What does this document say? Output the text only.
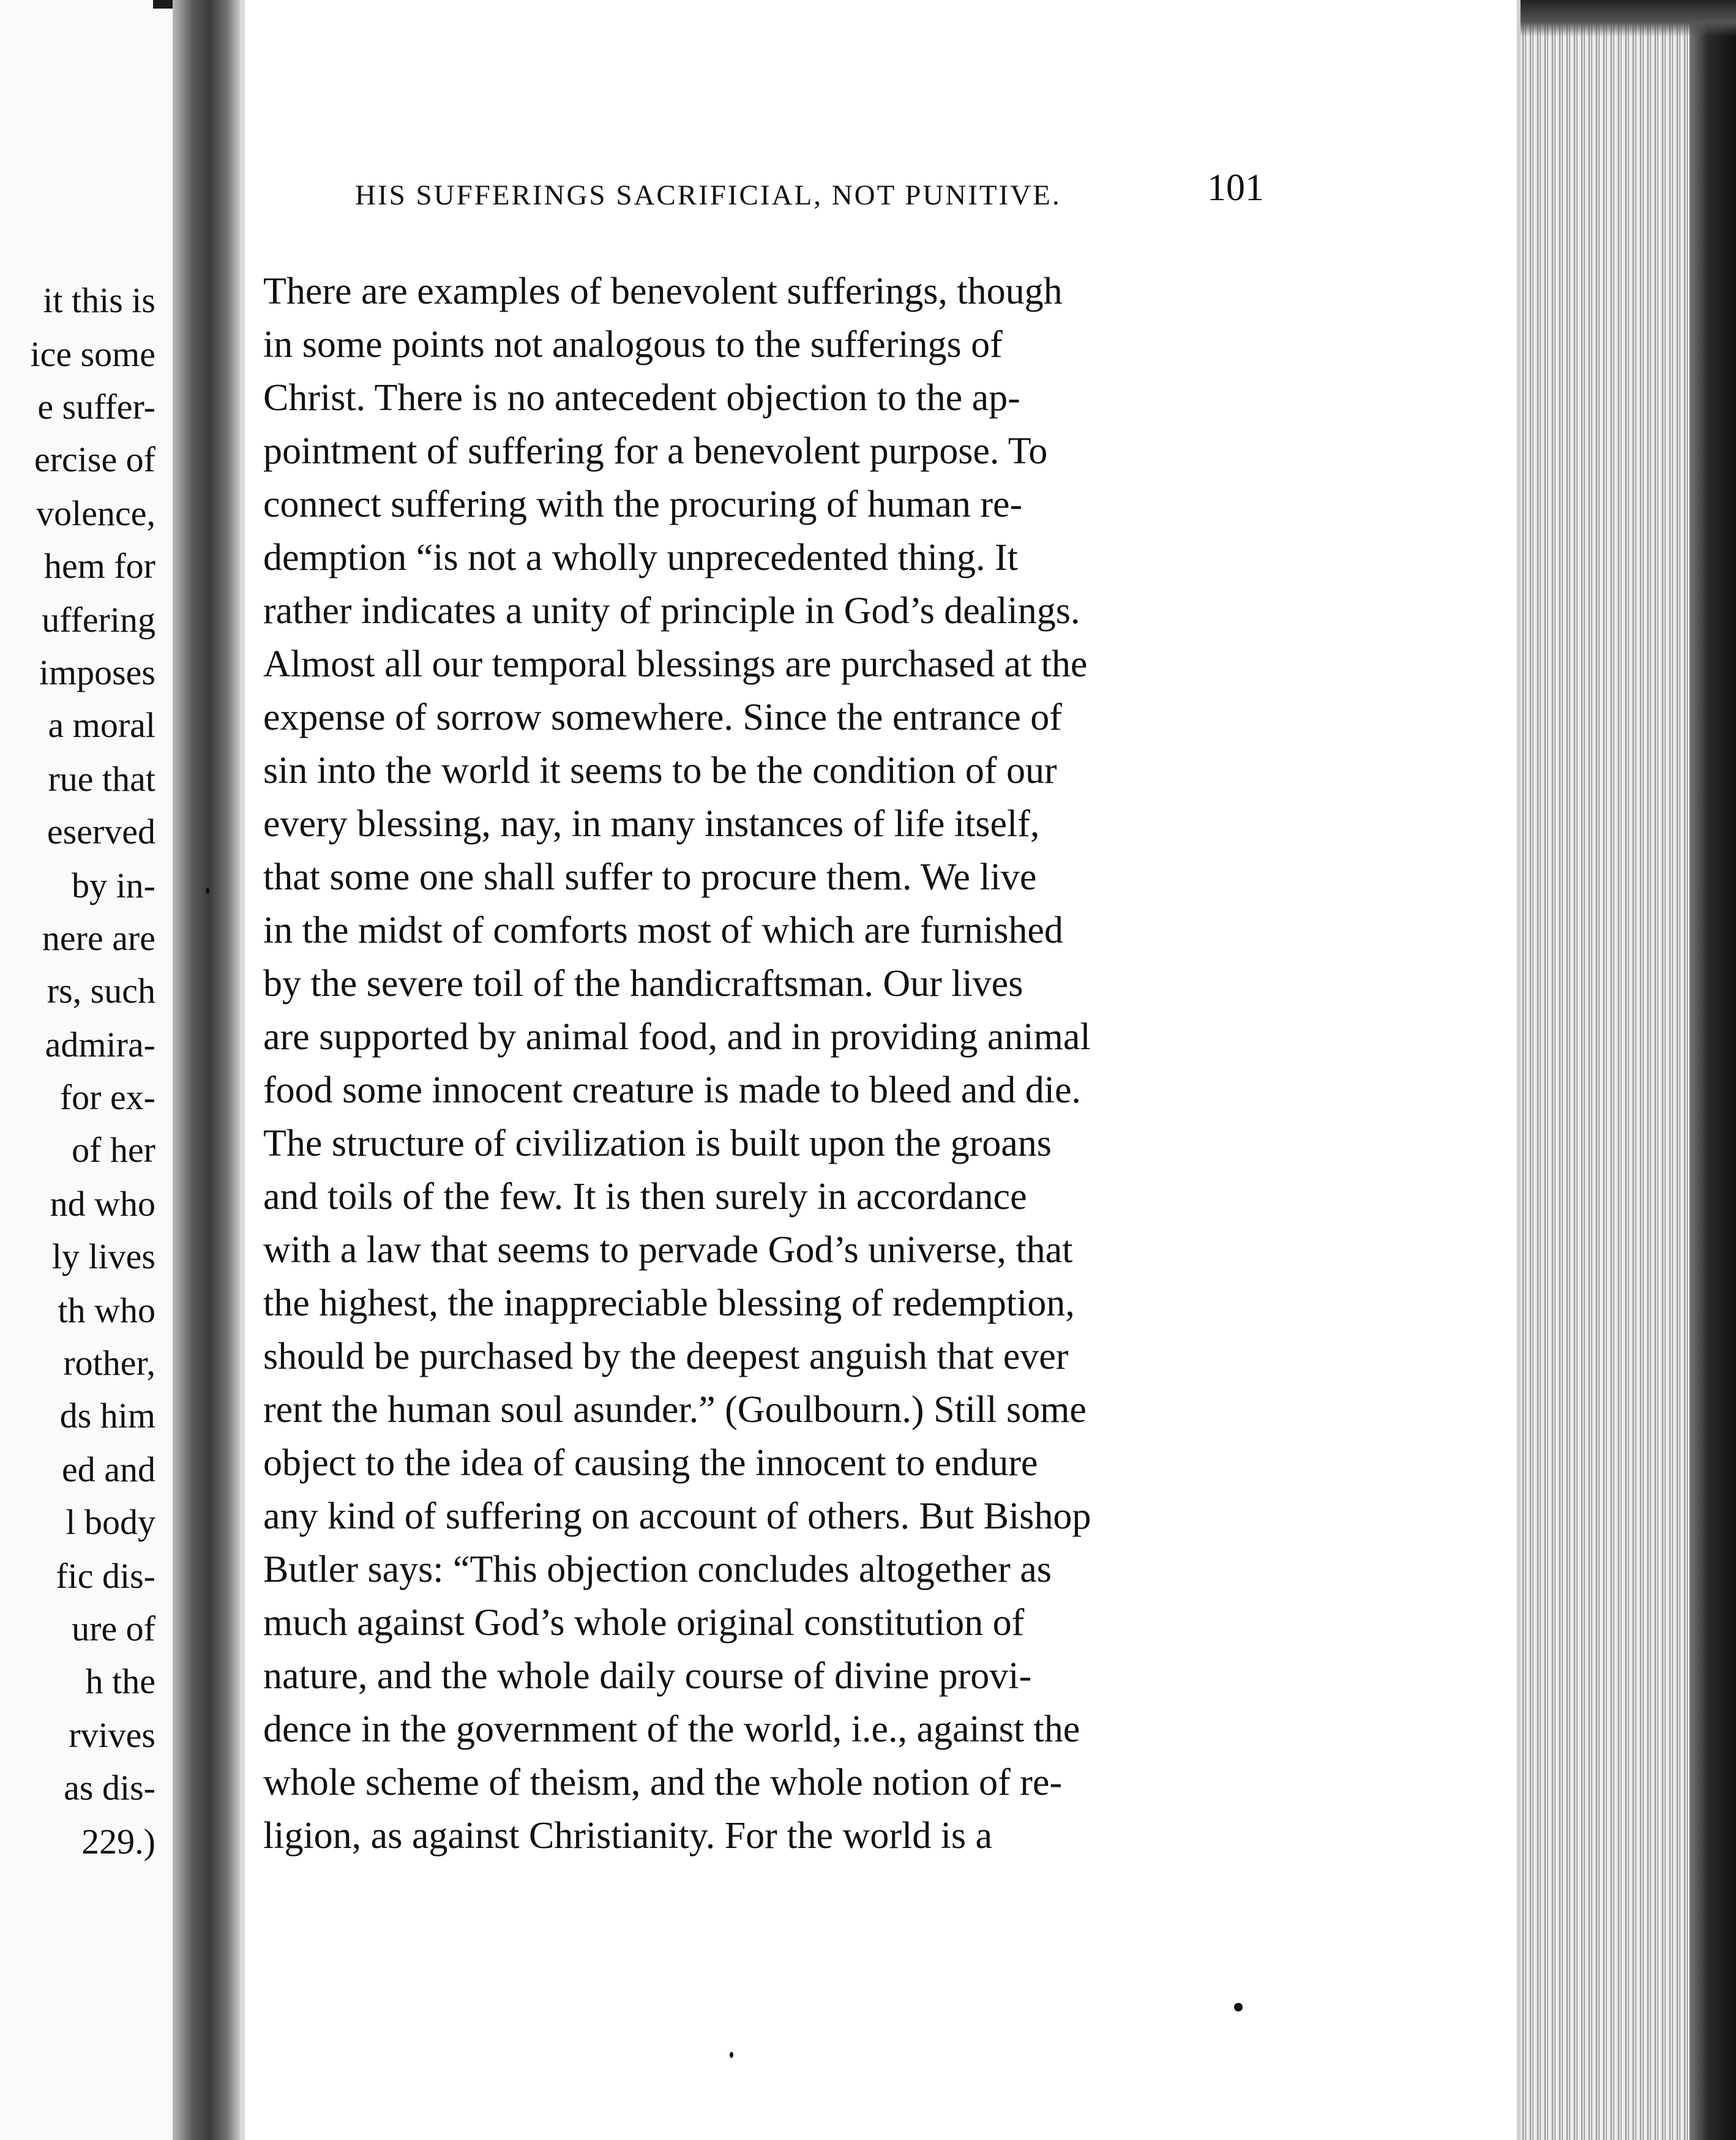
it this is
ice some
e suffer-
ercise of
volence,
hem for
uffering
imposes
a moral
rue that
eserved
by in-
nere are
rs, such
admira-
for ex-
of her
nd who
ly lives
th who
rother,
ds him
ed and
l body
fic dis-
ure of
h the
rvives
as dis-
229.)
HIS SUFFERINGS SACRIFICIAL, NOT PUNITIVE.	101
There are examples of benevolent sufferings, though
in some points not analogous to the sufferings of
Christ. There is no antecedent objection to the ap-
pointment of suffering for a benevolent purpose. To
connect suffering with the procuring of human re-
demption “is not a wholly unprecedented thing. It
rather indicates a unity of principle in God’s dealings.
Almost all our temporal blessings are purchased at the
expense of sorrow somewhere. Since the entrance of
sin into the world it seems to be the condition of our
every blessing, nay, in many instances of life itself,
that some one shall suffer to procure them. We live
in the midst of comforts most of which are furnished
by the severe toil of the handicraftsman. Our lives
are supported by animal food, and in providing animal
food some innocent creature is made to bleed and die.
The structure of civilization is built upon the groans
and toils of the few. It is then surely in accordance
with a law that seems to pervade God’s universe, that
the highest, the inappreciable blessing of redemption,
should be purchased by the deepest anguish that ever
rent the human soul asunder.” (Goulbourn.) Still some
object to the idea of causing the innocent to endure
any kind of suffering on account of others. But Bishop
Butler says: “This objection concludes altogether as
much against God’s whole original constitution of
nature, and the whole daily course of divine provi-
dence in the government of the world, i.e., against the
whole scheme of theism, and the whole notion of re-
ligion, as against Christianity. For the world is a
